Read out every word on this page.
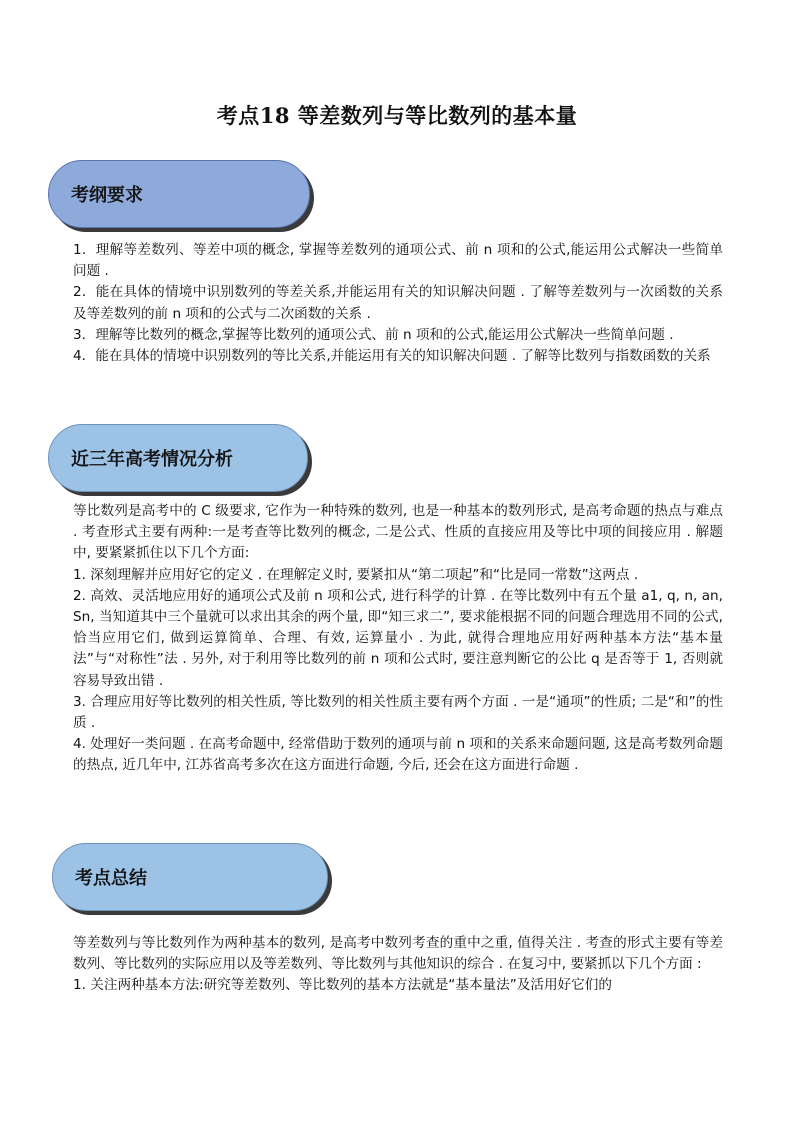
考点18 等差数列与等比数列的基本量
考纲要求

1．理解等差数列、等差中项的概念, 掌握等差数列的通项公式、前 n 项和的公式,能运用公式解决一些简单问题 .

2．能在具体的情境中识别数列的等差关系,并能运用有关的知识解决问题 . 了解等差数列与一次函数的关系及等差数列的前 n 项和的公式与二次函数的关系 .

3．理解等比数列的概念,掌握等比数列的通项公式、前 n 项和的公式,能运用公式解决一些简单问题 .

4．能在具体的情境中识别数列的等比关系,并能运用有关的知识解决问题 . 了解等比数列与指数函数的关系

近三年高考情况分析

等比数列是高考中的 C 级要求, 它作为一种特殊的数列, 也是一种基本的数列形式, 是高考命题的热点与难点 . 考查形式主要有两种:一是考查等比数列的概念, 二是公式、性质的直接应用及等比中项的间接应用 . 解题中, 要紧紧抓住以下几个方面:

1. 深刻理解并应用好它的定义 . 在理解定义时, 要紧扣从“第二项起”和“比是同一常数”这两点 .

2. 高效、灵活地应用好的通项公式及前 n 项和公式, 进行科学的计算 . 在等比数列中有五个量 a1, q, n, an, Sn, 当知道其中三个量就可以求出其余的两个量, 即“知三求二”, 要求能根据不同的问题合理选用不同的公式, 恰当应用它们, 做到运算简单、合理、有效, 运算量小 . 为此, 就得合理地应用好两种基本方法“基本量法”与“对称性”法 . 另外, 对于利用等比数列的前 n 项和公式时, 要注意判断它的公比 q 是否等于 1, 否则就容易导致出错 .

3. 合理应用好等比数列的相关性质, 等比数列的相关性质主要有两个方面 . 一是“通项”的性质; 二是“和”的性质 .

4. 处理好一类问题 . 在高考命题中, 经常借助于数列的通项与前 n 项和的关系来命题问题, 这是高考数列命题的热点, 近几年中, 江苏省高考多次在这方面进行命题, 今后, 还会在这方面进行命题 .

考点总结

等差数列与等比数列作为两种基本的数列, 是高考中数列考查的重中之重, 值得关注 . 考查的形式主要有等差数列、等比数列的实际应用以及等差数列、等比数列与其他知识的综合 . 在复习中, 要紧抓以下几个方面 :

1. 关注两种基本方法:研究等差数列、等比数列的基本方法就是“基本量法”及活用好它们的
